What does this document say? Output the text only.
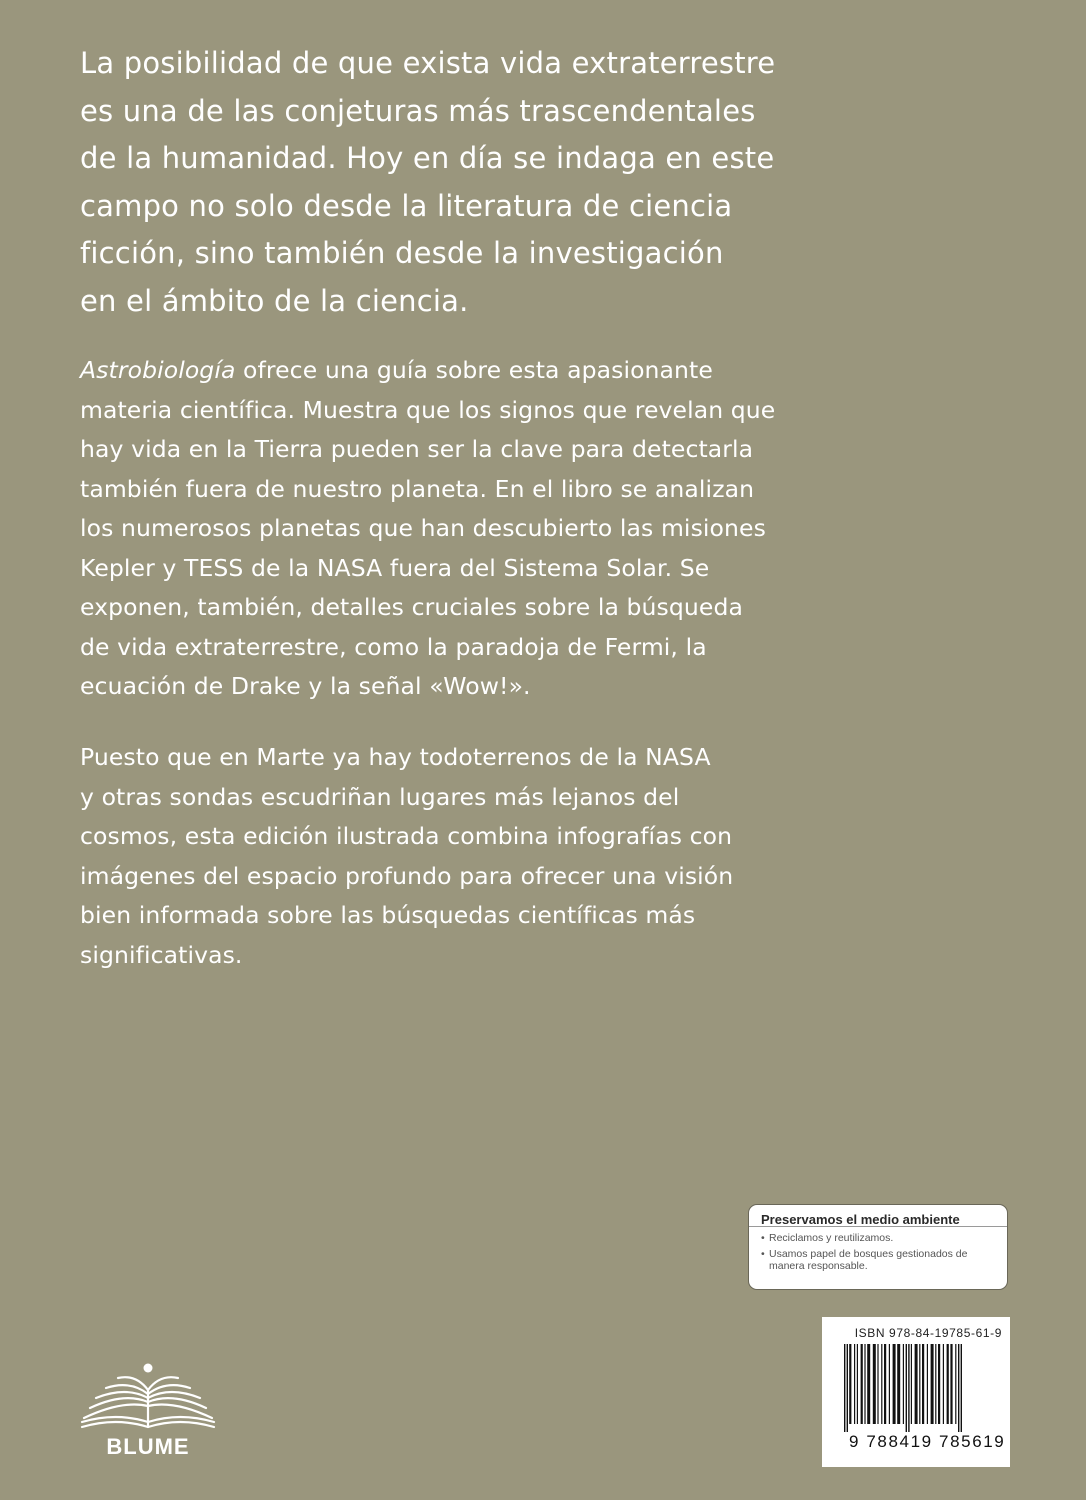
La posibilidad de que exista vida extraterrestre
es una de las conjeturas más trascendentales
de la humanidad. Hoy en día se indaga en este
campo no solo desde la literatura de ciencia
ficción, sino también desde la investigación
en el ámbito de la ciencia.
Astrobiología ofrece una guía sobre esta apasionante
materia científica. Muestra que los signos que revelan que
hay vida en la Tierra pueden ser la clave para detectarla
también fuera de nuestro planeta. En el libro se analizan
los numerosos planetas que han descubierto las misiones
Kepler y TESS de la NASA fuera del Sistema Solar. Se
exponen, también, detalles cruciales sobre la búsqueda
de vida extraterrestre, como la paradoja de Fermi, la
ecuación de Drake y la señal «Wow!».
Puesto que en Marte ya hay todoterrenos de la NASA
y otras sondas escudriñan lugares más lejanos del
cosmos, esta edición ilustrada combina infografías con
imágenes del espacio profundo para ofrecer una visión
bien informada sobre las búsquedas científicas más
significativas.
Preservamos el medio ambiente
• Reciclamos y reutilizamos.
• Usamos papel de bosques gestionados de manera responsable.
ISBN 978-84-19785-61-9
9 788419 785619
BLUME
